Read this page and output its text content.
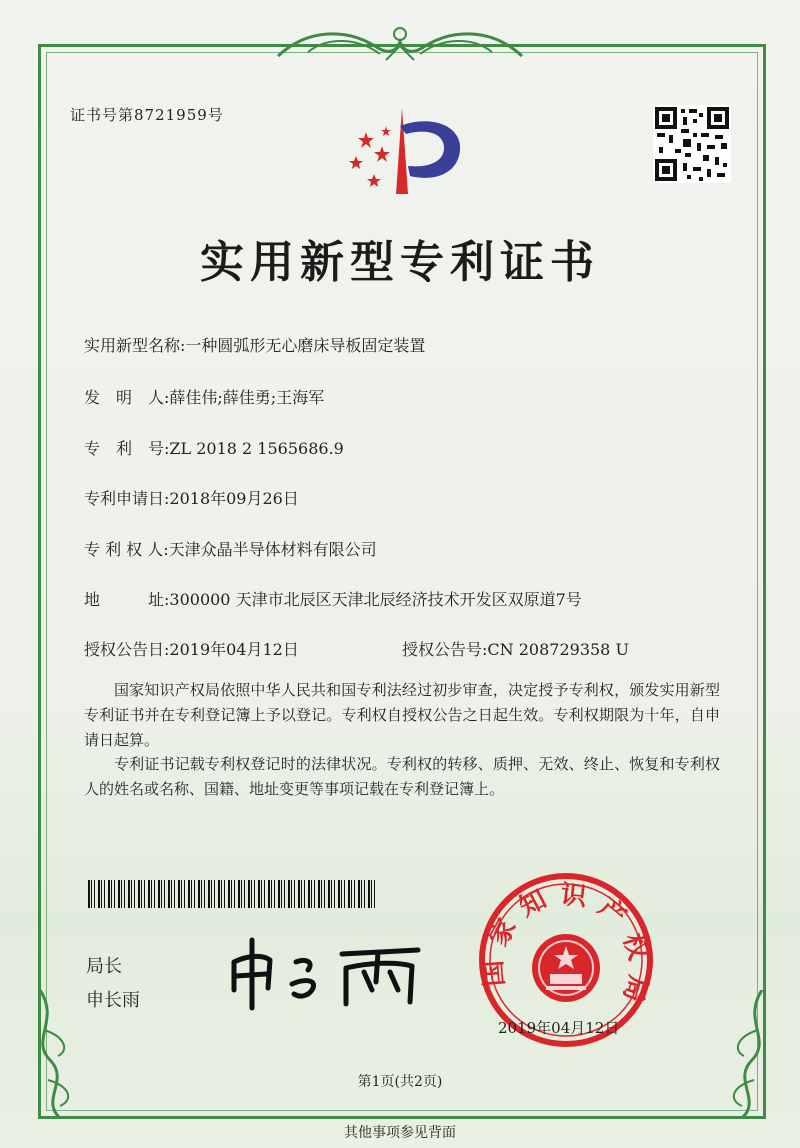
证书号第8721959号
实用新型专利证书
实用新型名称:一种圆弧形无心磨床导板固定装置
发　明　人:薛佳伟;薛佳勇;王海军
专　利　号:ZL 2018 2 1565686.9
专利申请日:2018年09月26日
专 利 权 人:天津众晶半导体材料有限公司
地　　　址:300000 天津市北辰区天津北辰经济技术开发区双原道7号
授权公告日:2019年04月12日	授权公告号:CN 208729358 U
国家知识产权局依照中华人民共和国专利法经过初步审查，决定授予专利权，颁发实用新型专利证书并在专利登记簿上予以登记。专利权自授权公告之日起生效。专利权期限为十年，自申请日起算。
专利证书记载专利权登记时的法律状况。专利权的转移、质押、无效、终止、恢复和专利权人的姓名或名称、国籍、地址变更等事项记载在专利登记簿上。
局长
申长雨
国家知识产权局
2019年04月12日
第1页(共2页)
其他事项参见背面
